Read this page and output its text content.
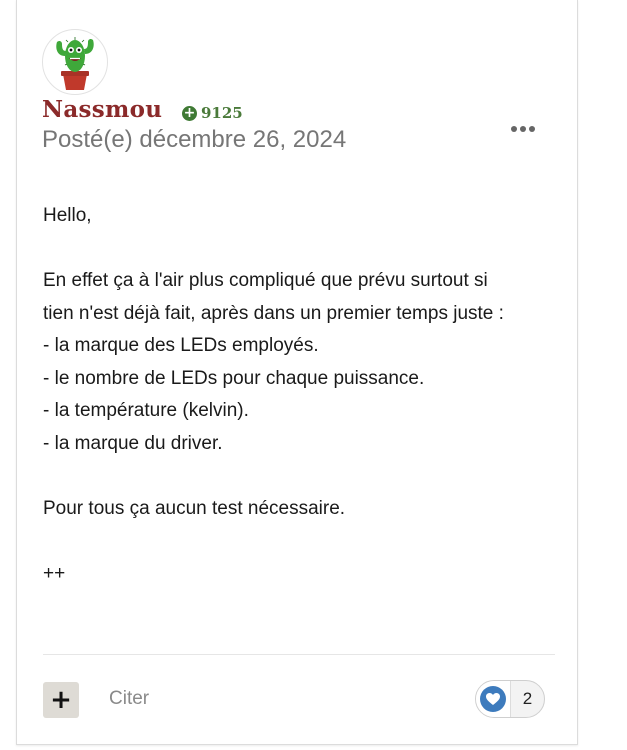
Nassmou + 9125
Posté(e) décembre 26, 2024

Hello,

En effet ça à l'air plus compliqué que prévu surtout si

tien n'est déjà fait, après dans un premier temps juste :

- la marque des LEDs employés.

- le nombre de LEDs pour chaque puissance.

- la température (kelvin).

- la marque du driver.

Pour tous ça aucun test nécessaire.

++

+ Citer	2
